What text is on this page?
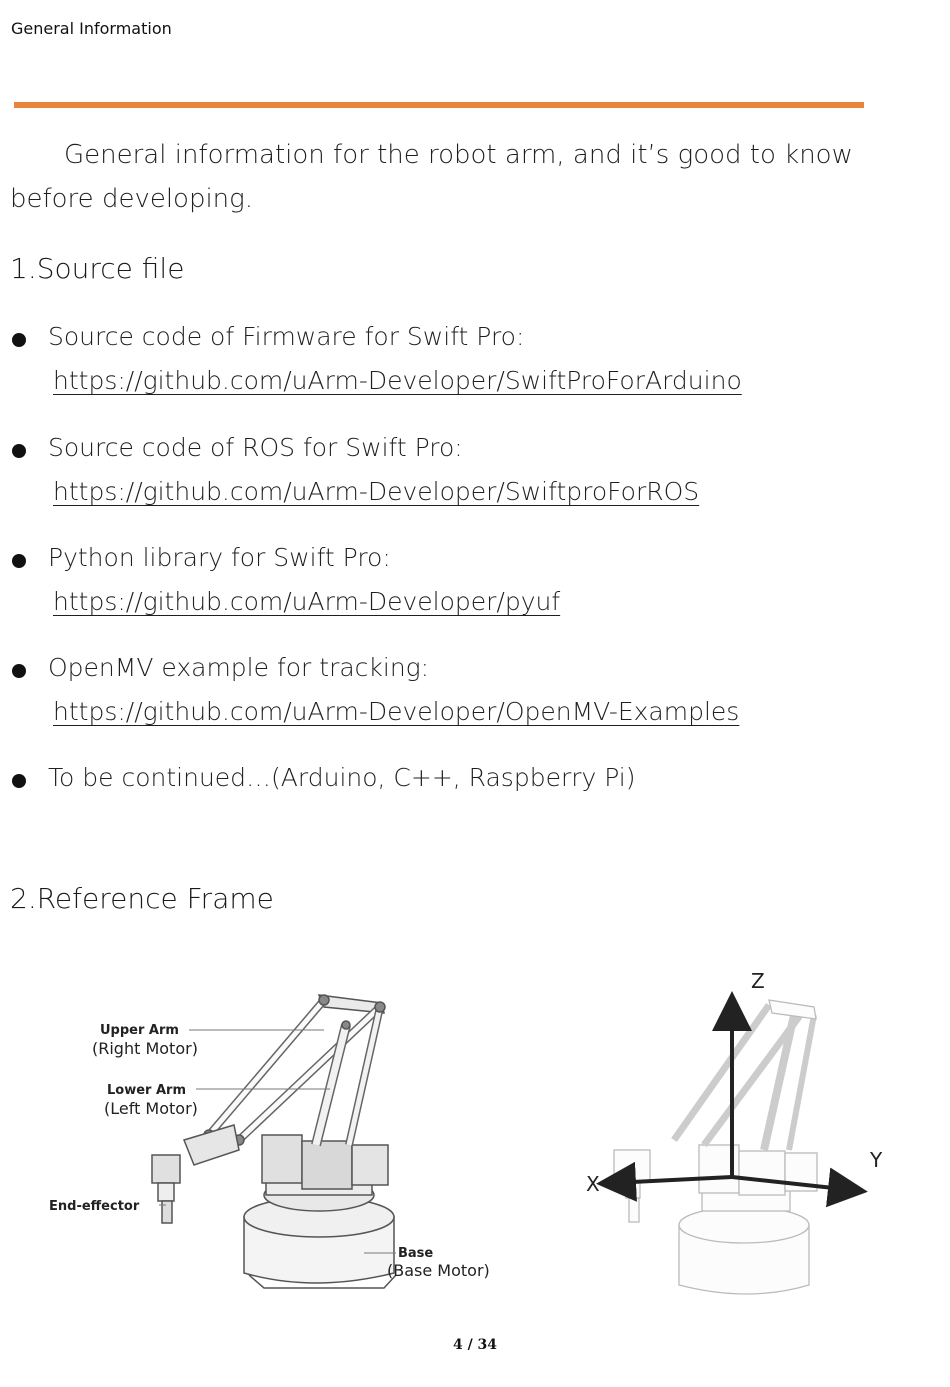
General Information
General information for the robot arm, and it’s good to know before developing.
1.Source file
Source code of Firmware for Swift Pro:
https://github.com/uArm-Developer/SwiftProForArduino
Source code of ROS for Swift Pro:
https://github.com/uArm-Developer/SwiftproForROS
Python library for Swift Pro:
https://github.com/uArm-Developer/pyuf
OpenMV example for tracking:
https://github.com/uArm-Developer/OpenMV-Examples
To be continued…(Arduino, C++, Raspberry Pi)
2.Reference Frame
Upper Arm
(Right Motor)
Lower Arm
(Left Motor)
End-effector
Base
(Base Motor)
Z
Y
X
4 / 34
